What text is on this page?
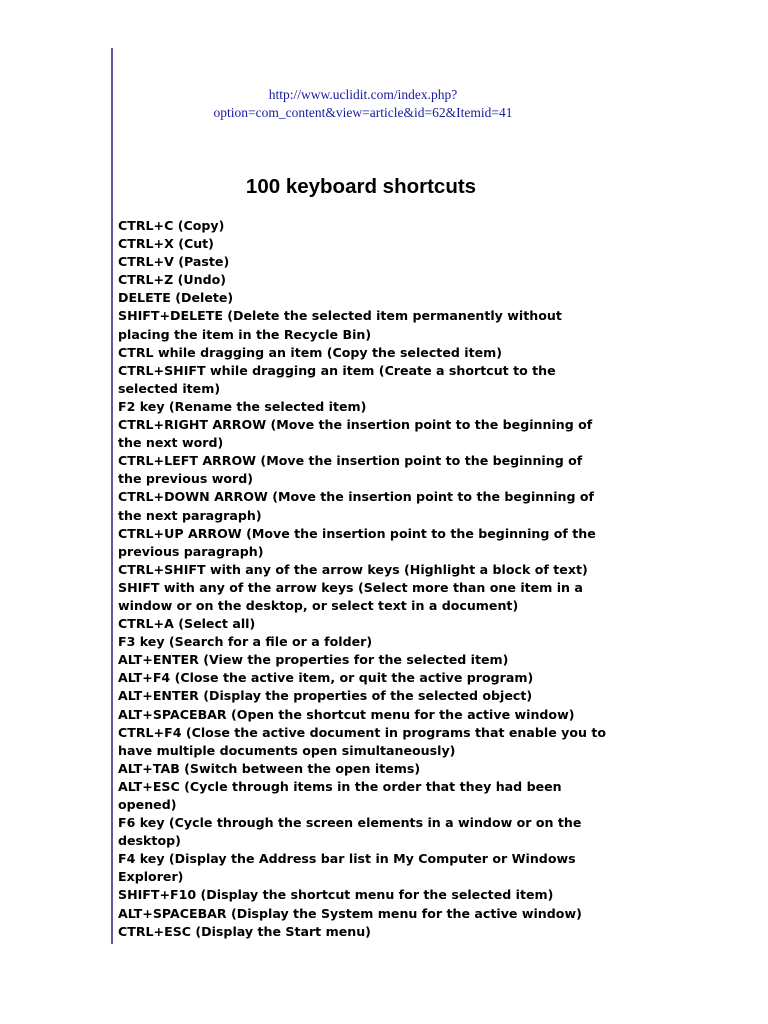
http://www.uclidit.com/index.php?
option=com_content&view=article&id=62&Itemid=41
100 keyboard shortcuts
CTRL+C (Copy)
CTRL+X (Cut)
CTRL+V (Paste)
CTRL+Z (Undo)
DELETE (Delete)
SHIFT+DELETE (Delete the selected item permanently without
placing the item in the Recycle Bin)
CTRL while dragging an item (Copy the selected item)
CTRL+SHIFT while dragging an item (Create a shortcut to the
selected item)
F2 key (Rename the selected item)
CTRL+RIGHT ARROW (Move the insertion point to the beginning of
the next word)
CTRL+LEFT ARROW (Move the insertion point to the beginning of
the previous word)
CTRL+DOWN ARROW (Move the insertion point to the beginning of
the next paragraph)
CTRL+UP ARROW (Move the insertion point to the beginning of the
previous paragraph)
CTRL+SHIFT with any of the arrow keys (Highlight a block of text)
SHIFT with any of the arrow keys (Select more than one item in a
window or on the desktop, or select text in a document)
CTRL+A (Select all)
F3 key (Search for a file or a folder)
ALT+ENTER (View the properties for the selected item)
ALT+F4 (Close the active item, or quit the active program)
ALT+ENTER (Display the properties of the selected object)
ALT+SPACEBAR (Open the shortcut menu for the active window)
CTRL+F4 (Close the active document in programs that enable you to
have multiple documents open simultaneously)
ALT+TAB (Switch between the open items)
ALT+ESC (Cycle through items in the order that they had been
opened)
F6 key (Cycle through the screen elements in a window or on the
desktop)
F4 key (Display the Address bar list in My Computer or Windows
Explorer)
SHIFT+F10 (Display the shortcut menu for the selected item)
ALT+SPACEBAR (Display the System menu for the active window)
CTRL+ESC (Display the Start menu)
